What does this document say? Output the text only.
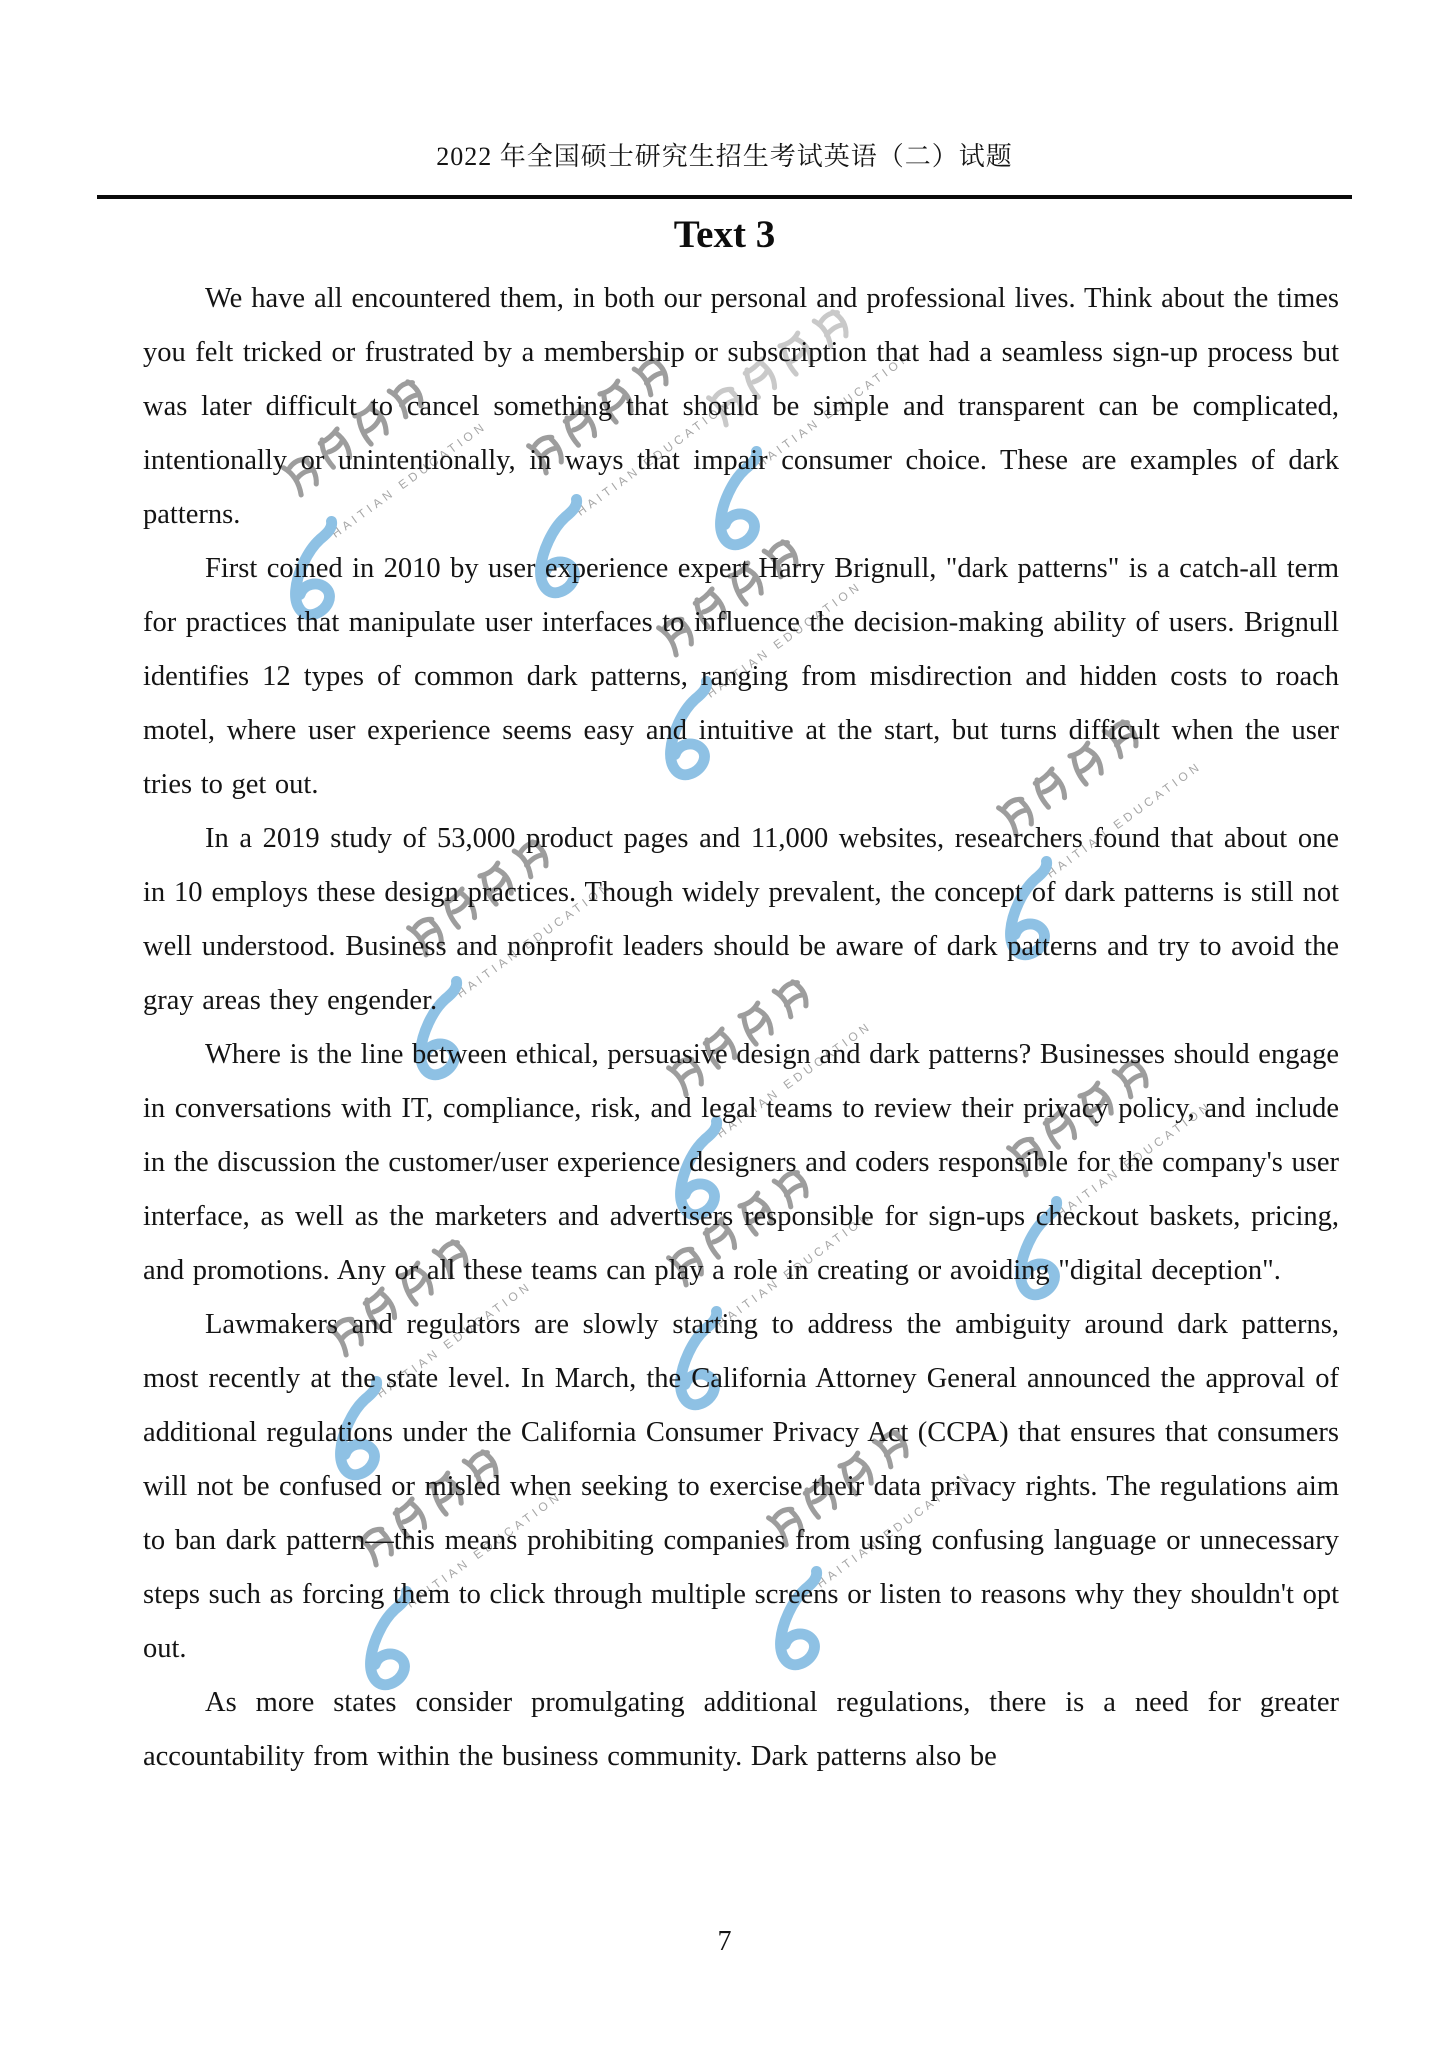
HAITIAN EDUCATION	HAITIAN EDUCATION HAITIAN EDUCATION
HAITIAN EDUCATION
HAITIAN EDUCATION
HAITIAN EDUCATION
HAITIAN EDUCATION
HAITIAN EDUCATION
HAITIAN EDUCATION
HAITIAN EDUCATION
HAITIAN EDUCATION	HAITIAN EDUCATION
2022 年全国硕士研究生招生考试英语（二）试题
Text 3

We have all encountered them, in both our personal and professional lives. Think about the times you felt tricked or frustrated by a membership or subscription that had a seamless sign-up process but was later difficult to cancel something that should be simple and transparent can be complicated, intentionally or unintentionally, in ways that impair consumer choice. These are examples of dark patterns.

First coined in 2010 by user experience expert Harry Brignull, "dark patterns" is a catch-all term for practices that manipulate user interfaces to influence the decision-making ability of users. Brignull identifies 12 types of common dark patterns, ranging from misdirection and hidden costs to roach motel, where user experience seems easy and intuitive at the start, but turns difficult when the user tries to get out.

In a 2019 study of 53,000 product pages and 11,000 websites, researchers found that about one in 10 employs these design practices. Though widely prevalent, the concept of dark patterns is still not well understood. Business and nonprofit leaders should be aware of dark patterns and try to avoid the gray areas they engender.

Where is the line between ethical, persuasive design and dark patterns? Businesses should engage in conversations with IT, compliance, risk, and legal teams to review their privacy policy, and include in the discussion the customer/user experience designers and coders responsible for the company's user interface, as well as the marketers and advertisers responsible for sign-ups checkout baskets, pricing, and promotions. Any or all these teams can play a role in creating or avoiding "digital deception".

Lawmakers and regulators are slowly starting to address the ambiguity around dark patterns, most recently at the state level. In March, the California Attorney General announced the approval of additional regulations under the California Consumer Privacy Act (CCPA) that ensures that consumers will not be confused or misled when seeking to exercise their data privacy rights. The regulations aim to ban dark pattern—this means prohibiting companies from using confusing language or unnecessary steps such as forcing them to click through multiple screens or listen to reasons why they shouldn't opt out.

As more states consider promulgating additional regulations, there is a need for greater accountability from within the business community. Dark patterns also be

7
